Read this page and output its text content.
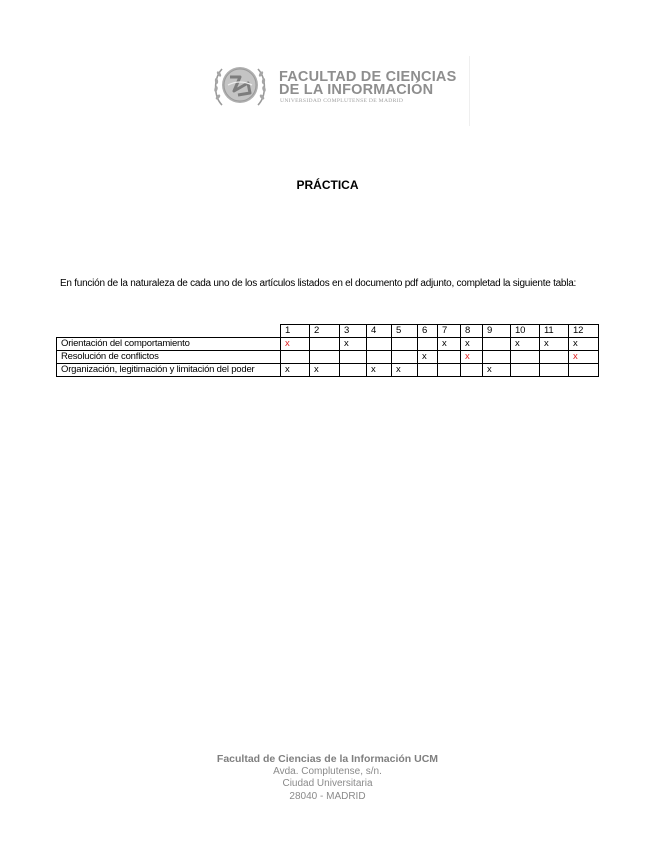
FACULTAD DE CIENCIAS
DE LA INFORMACIÓN
UNIVERSIDAD COMPLUTENSE DE MADRID
PRÁCTICA
En función de la naturaleza de cada uno de los artículos listados en el documento pdf adjunto, completad la siguiente tabla:
	1	2	3	4	5	6	7	8	9	10	11	12
Orientación del comportamiento	x		x				x	x		x	x	x
Resolución de conflictos						x		x				x
Organización, legitimación y limitación del poder	x	x		x	x				x			
Facultad de Ciencias de la Información UCM
Avda. Complutense, s/n.
Ciudad Universitaria
28040 - MADRID
